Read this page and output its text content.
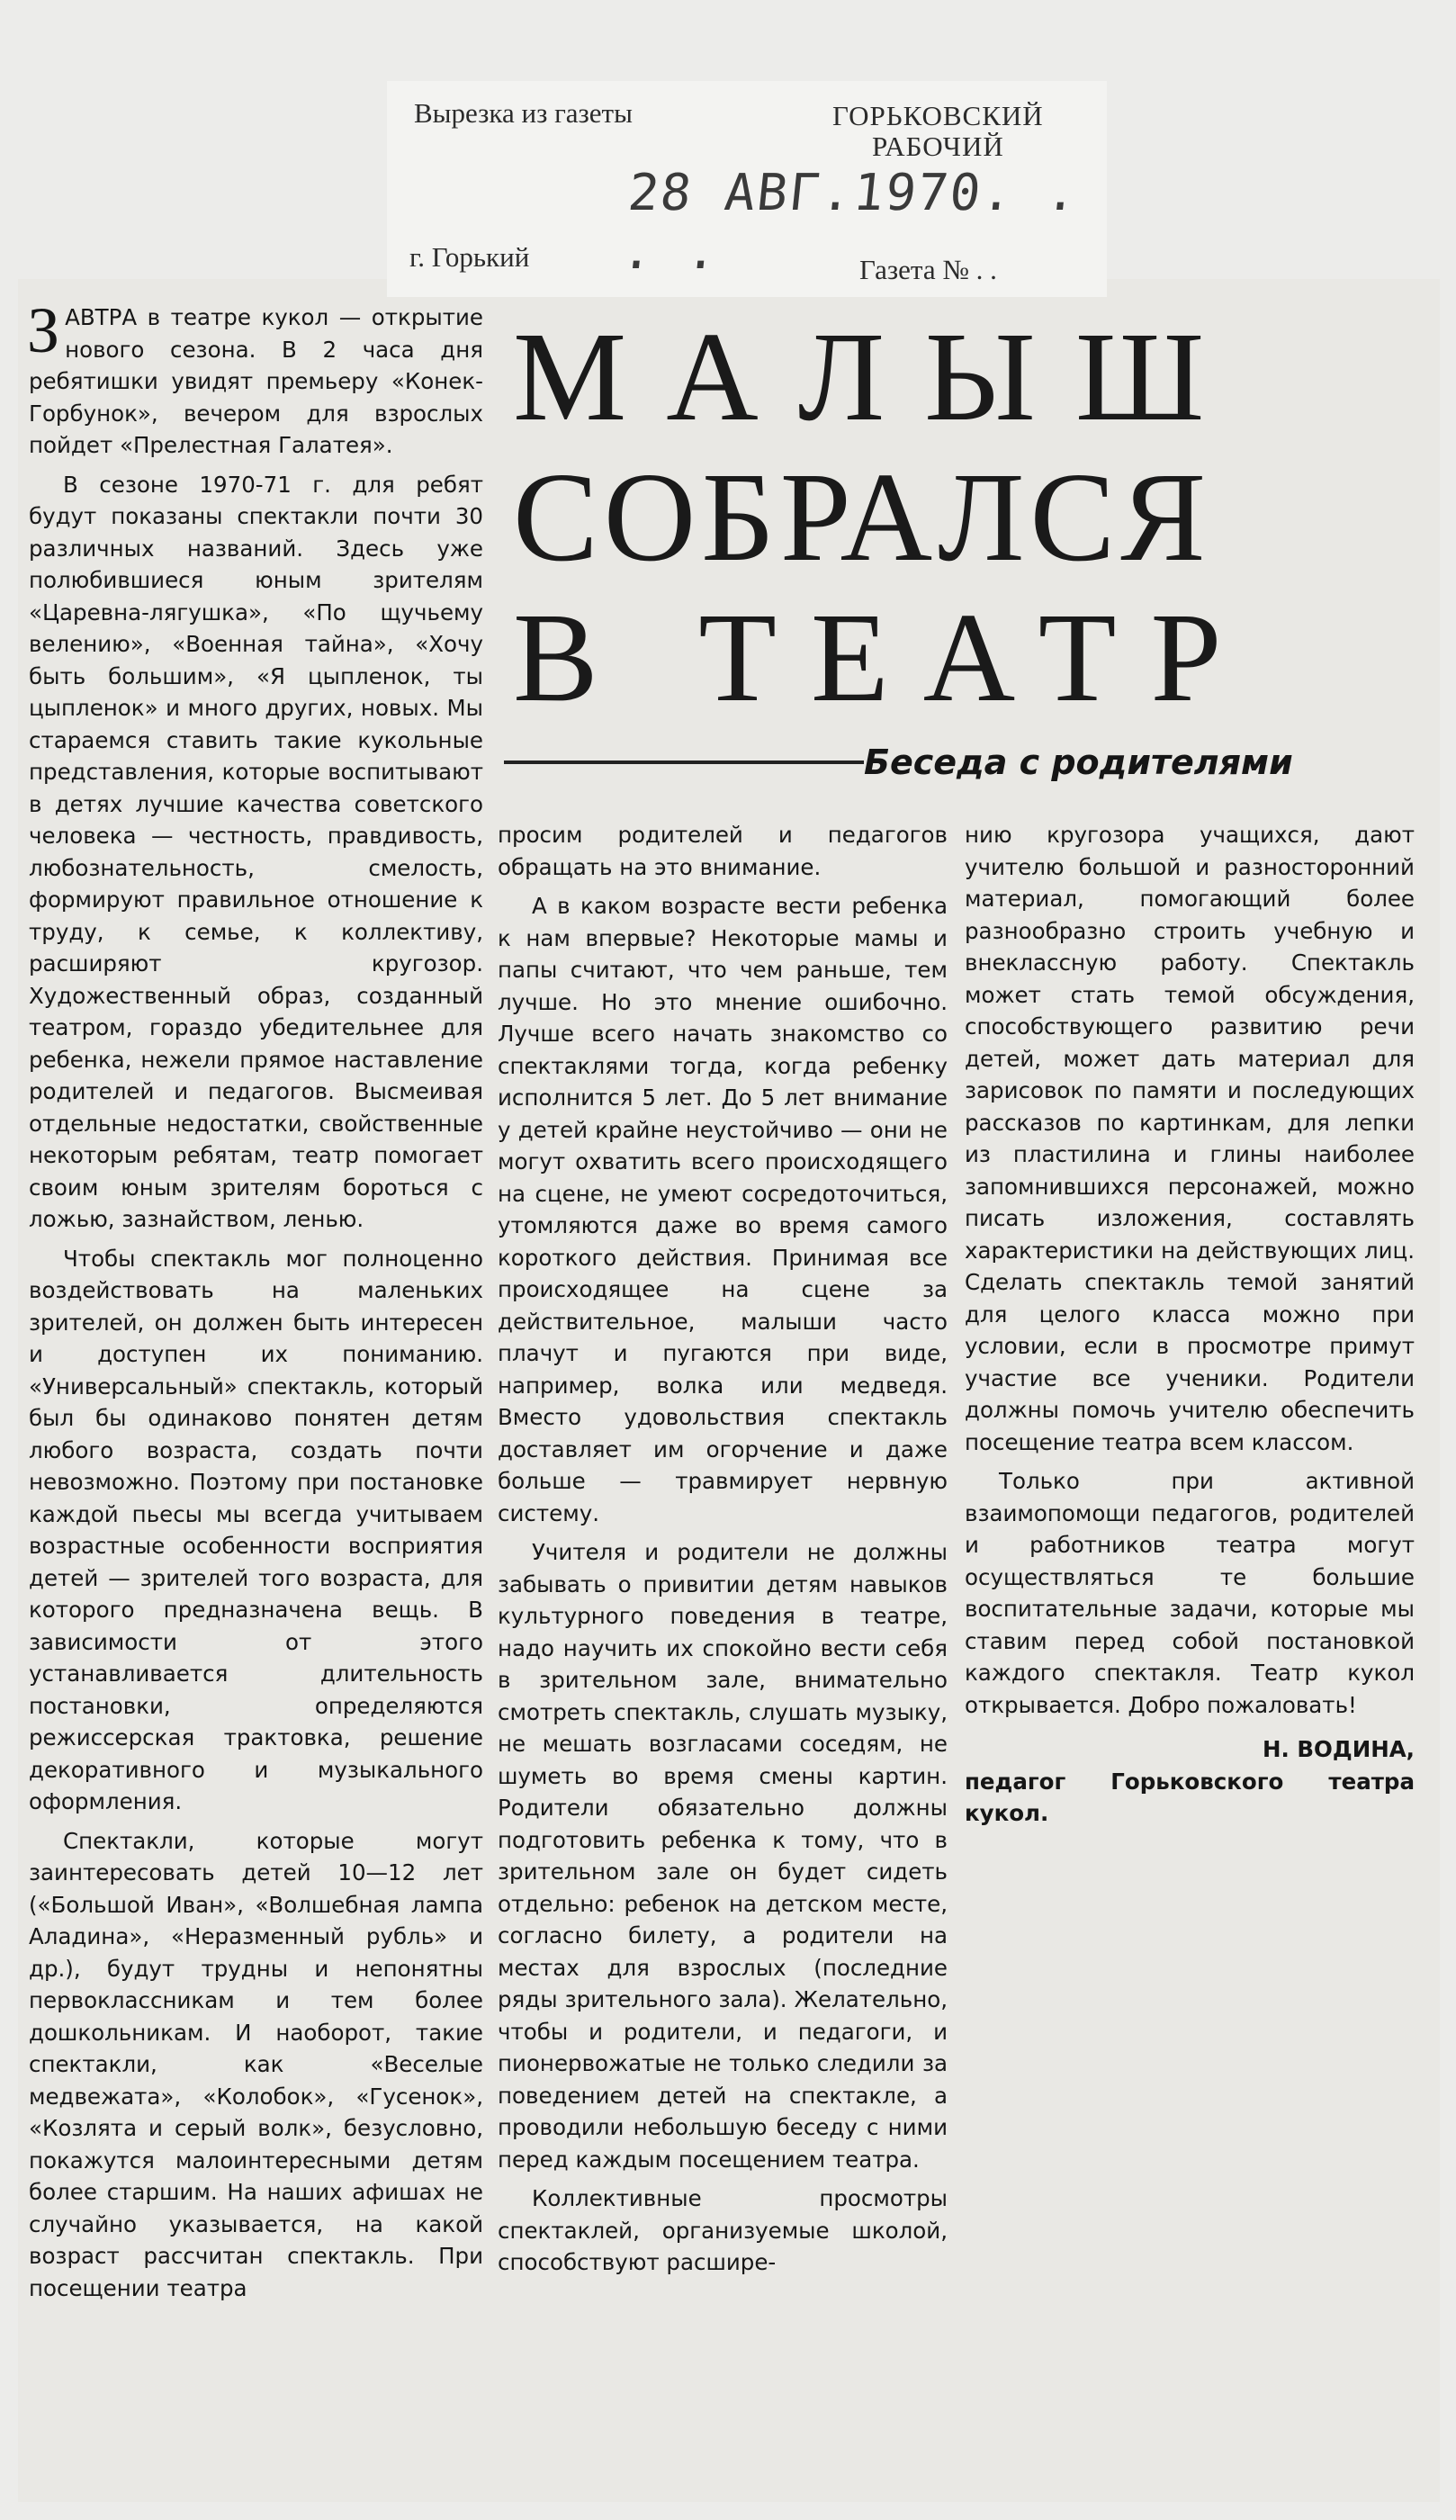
Вырезка из газеты	ГОРЬКОВСКИЙ
РАБОЧИЙ
28 АВГ.1970. . . .
г. Горький	Газета № . .
МАЛЫШ
СОБРАЛСЯ
В ТЕАТР
Беседа с родителями

ЗАВТРА в театре кукол — открытие нового сезона. В 2 часа дня ребятишки увидят премьеру «Конек-Горбунок», вечером для взрослых пойдет «Прелестная Галатея».

В сезоне 1970-71 г. для ребят будут показаны спектакли почти 30 различных названий. Здесь уже полюбившиеся юным зрителям «Царевна-лягушка», «По щучьему велению», «Военная тайна», «Хочу быть большим», «Я цыпленок, ты цыпленок» и много других, новых. Мы стараемся ставить такие кукольные представления, которые воспитывают в детях лучшие качества советского человека — честность, правдивость, любознательность, смелость, формируют правильное отношение к труду, к семье, к коллективу, расширяют кругозор. Художественный образ, созданный театром, гораздо убедительнее для ребенка, нежели прямое наставление родителей и педагогов. Высмеивая отдельные недостатки, свойственные некоторым ребятам, театр помогает своим юным зрителям бороться с ложью, зазнайством, ленью.

Чтобы спектакль мог полноценно воздействовать на маленьких зрителей, он должен быть интересен и доступен их пониманию. «Универсальный» спектакль, который был бы одинаково понятен детям любого возраста, создать почти невозможно. Поэтому при постановке каждой пьесы мы всегда учитываем возрастные особенности восприятия детей — зрителей того возраста, для которого предназначена вещь. В зависимости от этого устанавливается длительность постановки, определяются режиссерская трактовка, решение декоративного и музыкального оформления.

Спектакли, которые могут заинтересовать детей 10—12 лет («Большой Иван», «Волшебная лампа Аладина», «Неразменный рубль» и др.), будут трудны и непонятны первоклассникам и тем более дошкольникам. И наоборот, такие спектакли, как «Веселые медвежата», «Колобок», «Гусенок», «Козлята и серый волк», безусловно, покажутся малоинтересными детям более старшим. На наших афишах не случайно указывается, на какой возраст рассчитан спектакль. При посещении театра

просим родителей и педагогов обращать на это внимание.

А в каком возрасте вести ребенка к нам впервые? Некоторые мамы и папы считают, что чем раньше, тем лучше. Но это мнение ошибочно. Лучше всего начать знакомство со спектаклями тогда, когда ребенку исполнится 5 лет. До 5 лет внимание у детей крайне неустойчиво — они не могут охватить всего происходящего на сцене, не умеют сосредоточиться, утомляются даже во время самого короткого действия. Принимая все происходящее на сцене за действительное, малыши часто плачут и пугаются при виде, например, волка или медведя. Вместо удовольствия спектакль доставляет им огорчение и даже больше — травмирует нервную систему.

Учителя и родители не должны забывать о привитии детям навыков культурного поведения в театре, надо научить их спокойно вести себя в зрительном зале, внимательно смотреть спектакль, слушать музыку, не мешать возгласами соседям, не шуметь во время смены картин. Родители обязательно должны подготовить ребенка к тому, что в зрительном зале он будет сидеть отдельно: ребенок на детском месте, согласно билету, а родители на местах для взрослых (последние ряды зрительного зала). Желательно, чтобы и родители, и педагоги, и пионервожатые не только следили за поведением детей на спектакле, а проводили небольшую беседу с ними перед каждым посещением театра.

Коллективные просмотры спектаклей, организуемые школой, способствуют расшире-

нию кругозора учащихся, дают учителю большой и разносторонний материал, помогающий более разнообразно строить учебную и внеклассную работу. Спектакль может стать темой обсуждения, способствующего развитию речи детей, может дать материал для зарисовок по памяти и последующих рассказов по картинкам, для лепки из пластилина и глины наиболее запомнившихся персонажей, можно писать изложения, составлять характеристики на действующих лиц. Сделать спектакль темой занятий для целого класса можно при условии, если в просмотре примут участие все ученики. Родители должны помочь учителю обеспечить посещение театра всем классом.

Только при активной взаимопомощи педагогов, родителей и работников театра могут осуществляться те большие воспитательные задачи, которые мы ставим перед собой постановкой каждого спектакля. Театр кукол открывается. Добро пожаловать!

Н. ВОДИНА,

педагог Горьковского театра кукол.
